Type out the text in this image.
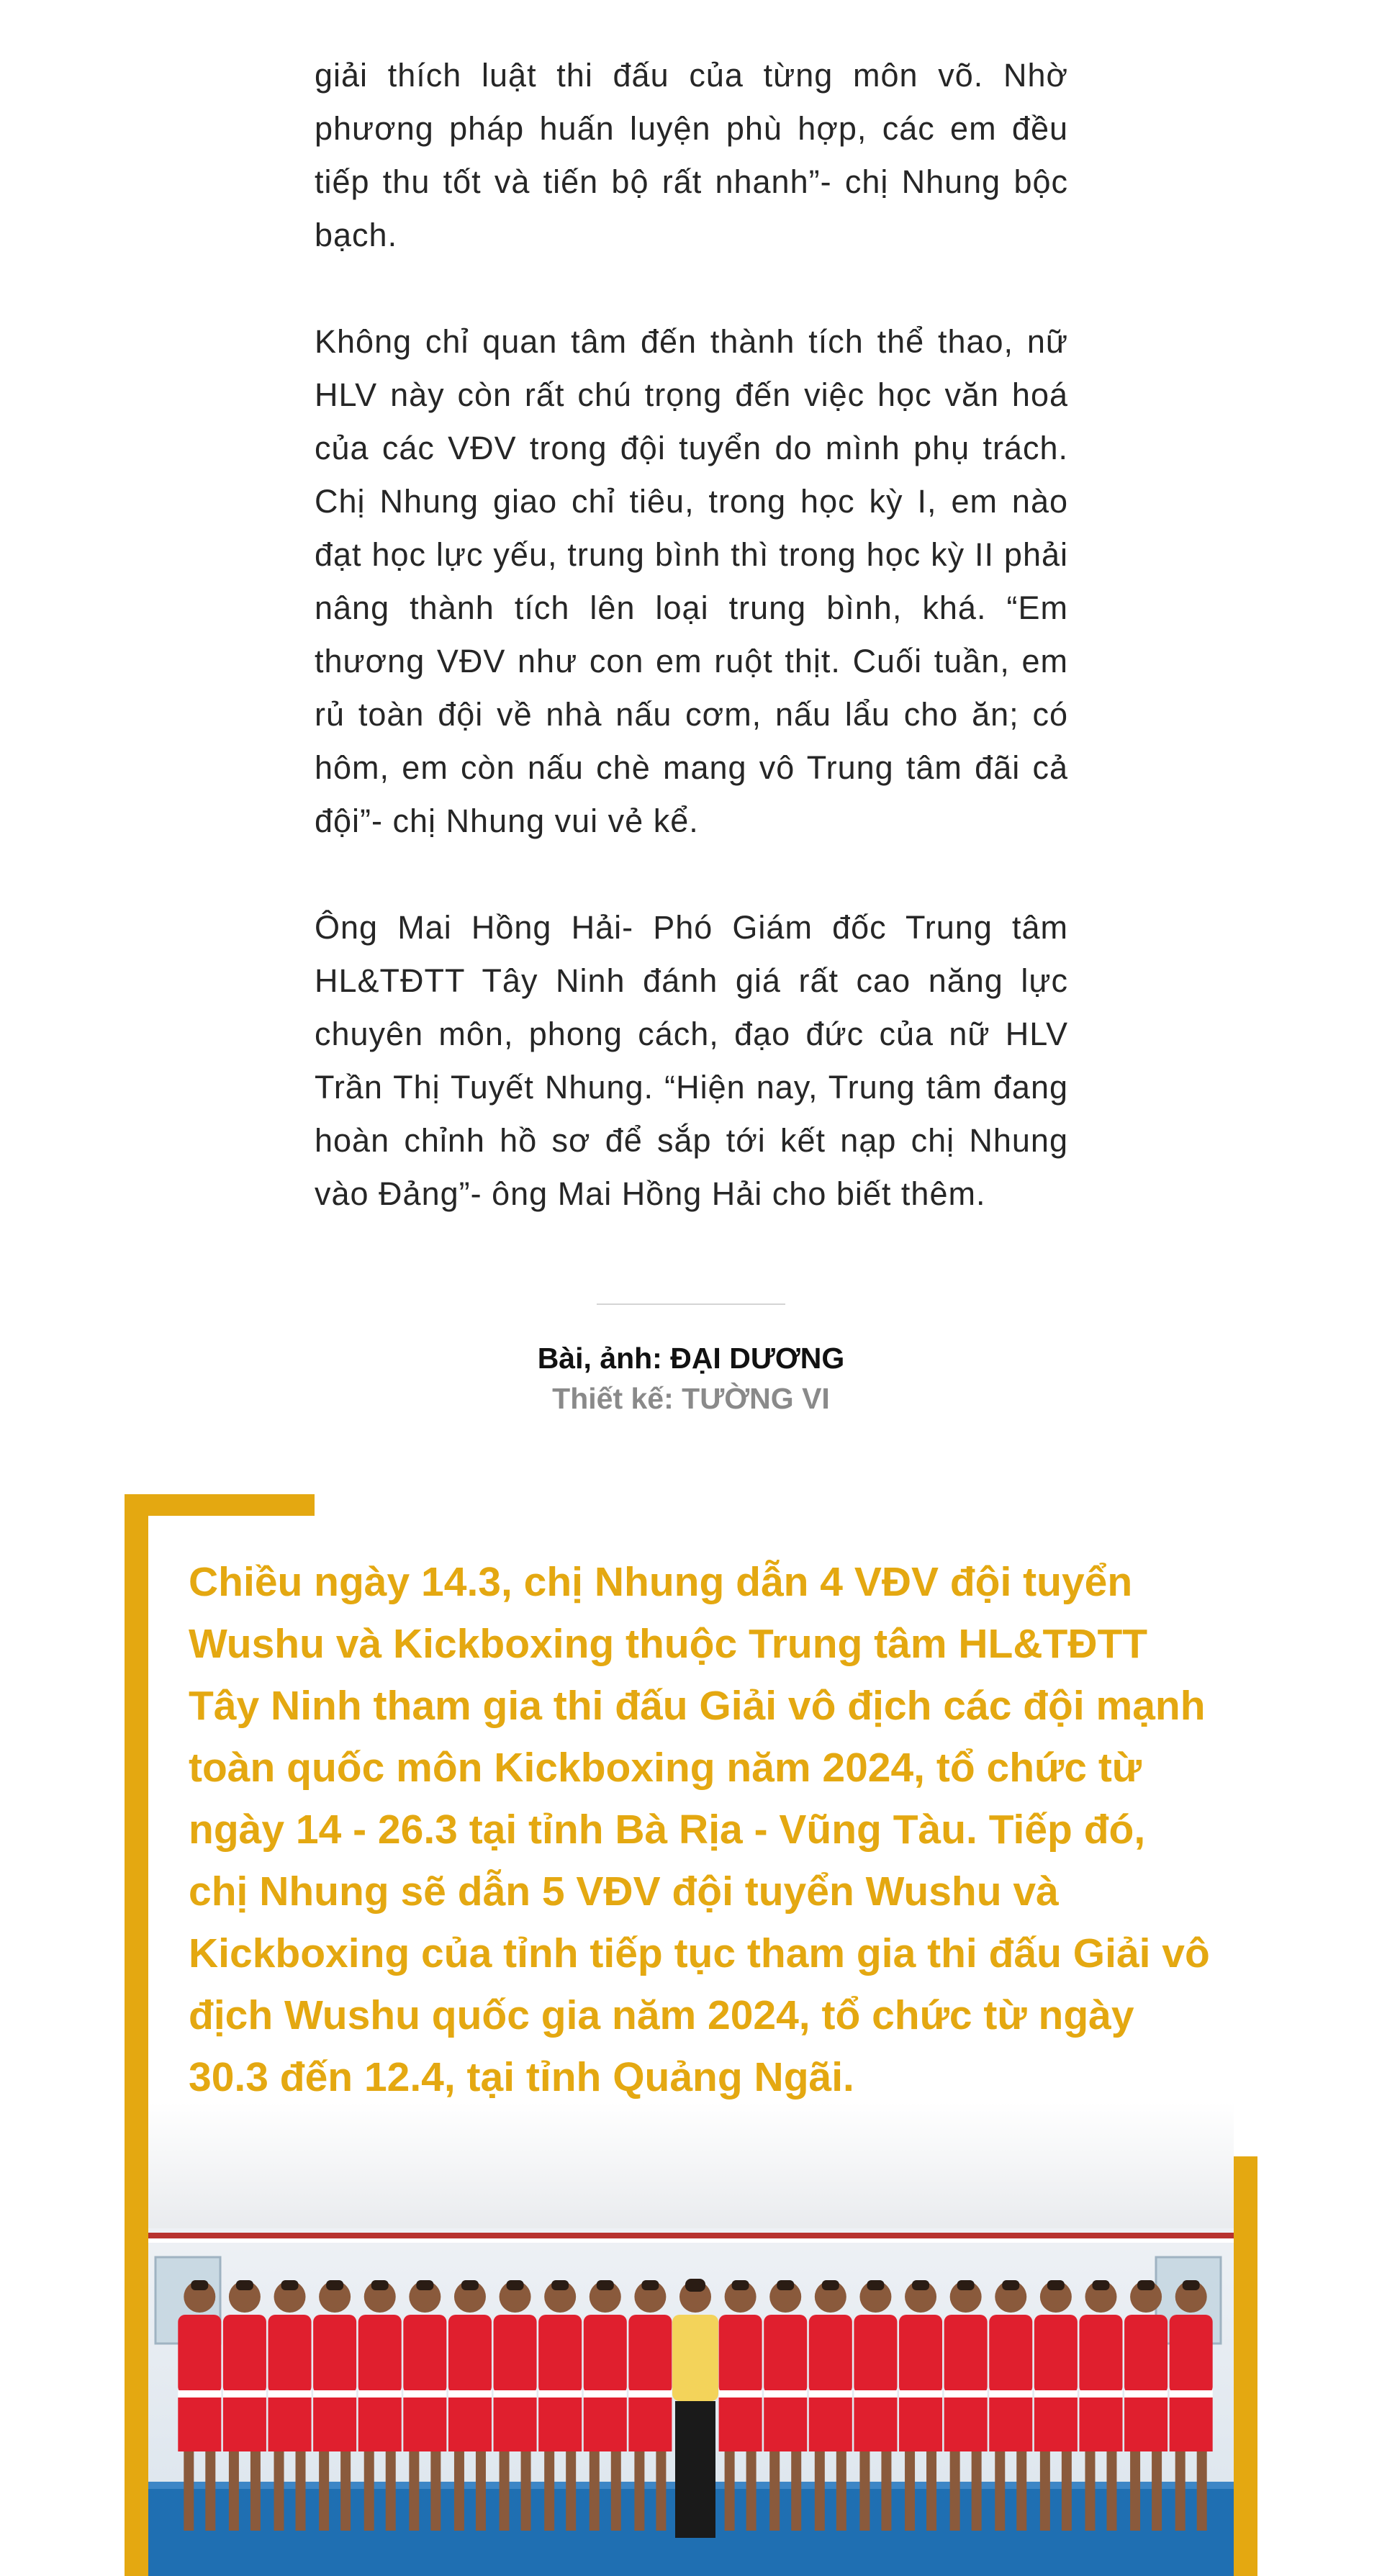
giải thích luật thi đấu của từng môn võ. Nhờ phương pháp huấn luyện phù hợp, các em đều tiếp thu tốt và tiến bộ rất nhanh”- chị Nhung bộc bạch.

Không chỉ quan tâm đến thành tích thể thao, nữ HLV này còn rất chú trọng đến việc học văn hoá của các VĐV trong đội tuyển do mình phụ trách. Chị Nhung giao chỉ tiêu, trong học kỳ I, em nào đạt học lực yếu, trung bình thì trong học kỳ II phải nâng thành tích lên loại trung bình, khá. “Em thương VĐV như con em ruột thịt. Cuối tuần, em rủ toàn đội về nhà nấu cơm, nấu lẩu cho ăn; có hôm, em còn nấu chè mang vô Trung tâm đãi cả đội”- chị Nhung vui vẻ kể.

Ông Mai Hồng Hải- Phó Giám đốc Trung tâm HL&TĐTT Tây Ninh đánh giá rất cao năng lực chuyên môn, phong cách, đạo đức của nữ HLV Trần Thị Tuyết Nhung. “Hiện nay, Trung tâm đang hoàn chỉnh hồ sơ để sắp tới kết nạp chị Nhung vào Đảng”- ông Mai Hồng Hải cho biết thêm.

Bài, ảnh: ĐẠI DƯƠNG
Thiết kế: TƯỜNG VI

Chiều ngày 14.3, chị Nhung dẫn 4 VĐV đội tuyển Wushu và Kickboxing thuộc Trung tâm HL&TĐTT Tây Ninh tham gia thi đấu Giải vô địch các đội mạnh toàn quốc môn Kickboxing năm 2024, tổ chức từ ngày 14 - 26.3 tại tỉnh Bà Rịa - Vũng Tàu. Tiếp đó, chị Nhung sẽ dẫn 5 VĐV đội tuyển Wushu và Kickboxing của tỉnh tiếp tục tham gia thi đấu Giải vô địch Wushu quốc gia năm 2024, tổ chức từ ngày 30.3 đến 12.4, tại tỉnh Quảng Ngãi.
